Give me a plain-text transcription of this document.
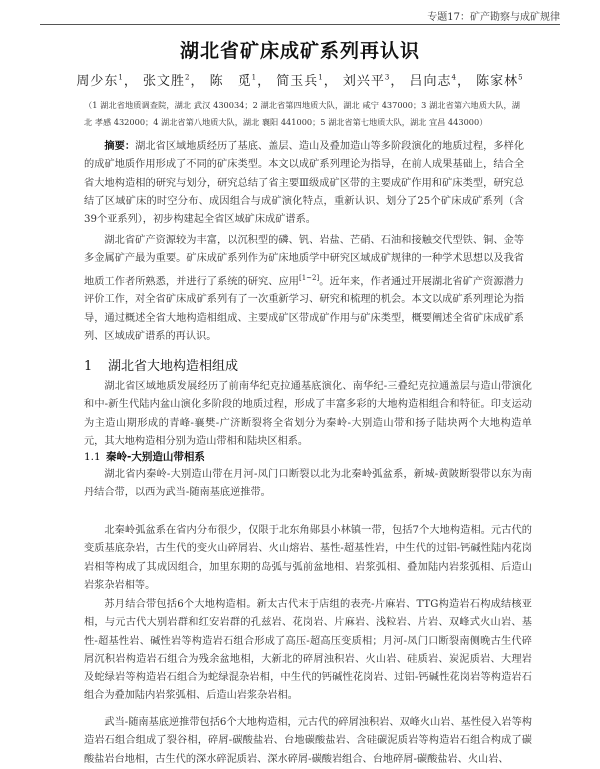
专题17：矿产勘察与成矿规律
湖北省矿床成矿系列再认识
周少东$^1$， 张文胜$^2$， 陈　觅$^1$， 简玉兵$^1$， 刘兴平$^3$， 吕向志$^4$， 陈家林$^5$
（1 湖北省地质调查院，湖北 武汉 430034；2 湖北省第四地质大队，湖北 咸宁 437000；3 湖北省第六地质大队，湖北 孝感 432000；4 湖北省第八地质大队，湖北 襄阳 441000；5 湖北省第七地质大队，湖北 宜昌 443000）

摘要：湖北省区域地质经历了基底、盖层、造山及叠加造山等多阶段演化的地质过程，多样化的成矿地质作用形成了不同的矿床类型。本文以成矿系列理论为指导，在前人成果基础上，结合全省大地构造相的研究与划分，研究总结了省主要Ⅲ级成矿区带的主要成矿作用和矿床类型，研究总结了区域矿床的时空分布、成因组合与成矿演化特点，重新认识、划分了25个矿床成矿系列（含39个亚系列），初步构建起全省区域矿床成矿谱系。

湖北省矿产资源较为丰富，以沉积型的磷、钒、岩盐、芒硝、石油和接触交代型铁、铜、金等多金属矿产最为重要。矿床成矿系列作为矿床地质学中研究区域成矿规律的一种学术思想以及我省地质工作者所熟悉，并进行了系统的研究、应用[1~2]。近年来，作者通过开展湖北省矿产资源潜力评价工作，对全省矿床成矿系列有了一次重新学习、研究和梳理的机会。本文以成矿系列理论为指导，通过概述全省大地构造相组成、主要成矿区带成矿作用与矿床类型，概要阐述全省矿床成矿系列、区域成矿谱系的再认识。

1 湖北省大地构造相组成

湖北省区域地质发展经历了前南华纪克拉通基底演化、南华纪-三叠纪克拉通盖层与造山带演化和中-新生代陆内盆山演化多阶段的地质过程，形成了丰富多彩的大地构造相组合和特征。印支运动为主造山期形成的青峰-襄樊-广济断裂将全省划分为秦岭-大别造山带和扬子陆块两个大地构造单元，其大地构造相分别为造山带相和陆块区相系。

1.1 秦岭-大别造山带相系

湖北省内秦岭-大别造山带在月河-凤门口断裂以北为北秦岭弧盆系，新城-黄陂断裂带以东为南丹结合带，以西为武当-随南基底逆推带。

北秦岭弧盆系在省内分布很少，仅限于北东角郧县小林镇一带，包括7个大地构造相。元古代的变质基底杂岩，古生代的变火山碎屑岩、火山熔岩、基性-超基性岩，中生代的过铝-钙碱性陆内花岗岩相等构成了其成因组合，加里东期的岛弧与弧前盆地相、岩浆弧相、叠加陆内岩浆弧相、后造山岩浆杂岩相等。

苏月结合带包括6个大地构造相。新太古代末于店组的表壳-片麻岩、TTG构造岩石构成结核亚相，与元古代大别岩群和红安岩群的孔兹岩、花岗岩、片麻岩、浅粒岩、片岩、双峰式火山岩、基性-超基性岩、碱性岩等构造岩石组合形成了高压-超高压变质相；月河-凤门口断裂南侧晚古生代碎屑沉积岩构造岩石组合为残余盆地相，大新北的碎屑浊积岩、火山岩、硅质岩、炭泥质岩、大理岩及蛇绿岩等构造岩石组合为蛇绿混杂岩相，中生代的钙碱性花岗岩、过铝-钙碱性花岗岩等构造岩石组合为叠加陆内岩浆弧相、后造山岩浆杂岩相。

武当-随南基底逆推带包括6个大地构造相，元古代的碎屑浊积岩、双峰火山岩、基性侵入岩等构造岩石组合组成了裂谷相，碎屑-碳酸盐岩、台地碳酸盐岩、含硅碳泥质岩等构造岩石组合构成了碳酸盐岩台地相，古生代的深水碎泥质岩、深水碎屑-碳酸岩组合、台地碎屑-碳酸盐岩、火山岩、
